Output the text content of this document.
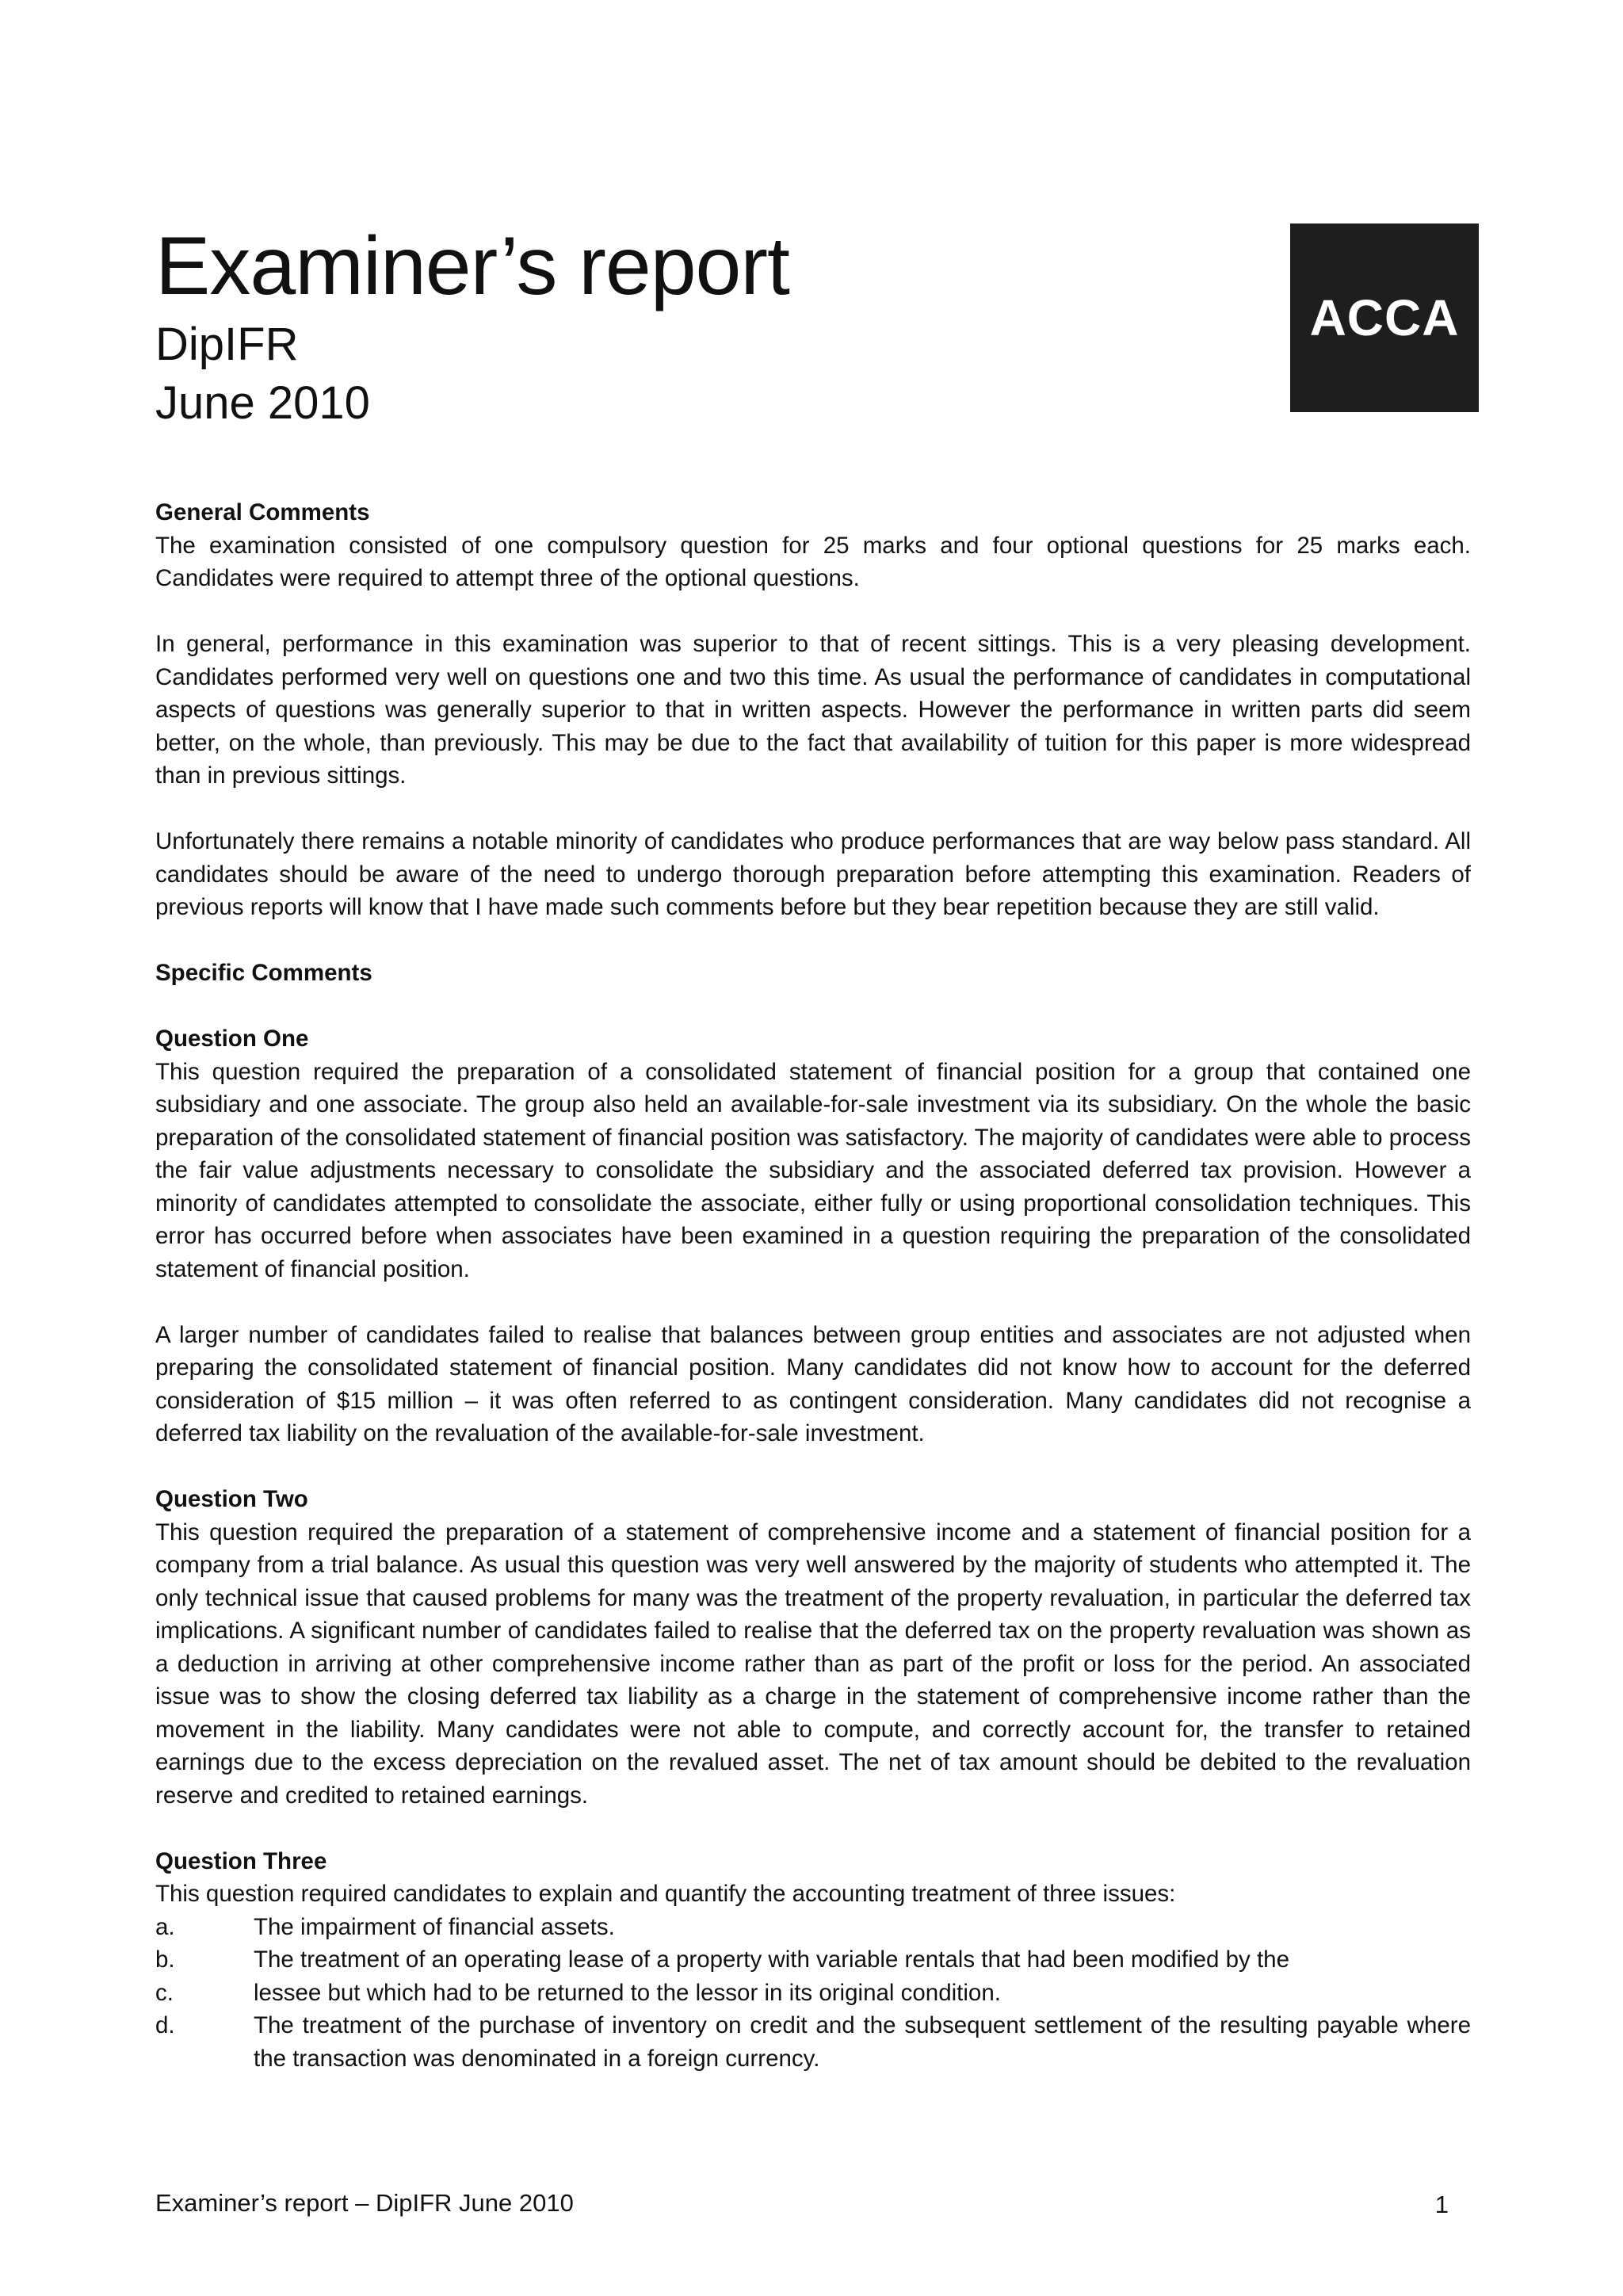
Examiner’s report
DipIFR
June 2010
ACCA
General Comments

The examination consisted of one compulsory question for 25 marks and four optional questions for 25 marks each. Candidates were required to attempt three of the optional questions.

In general, performance in this examination was superior to that of recent sittings. This is a very pleasing development. Candidates performed very well on questions one and two this time. As usual the performance of candidates in computational aspects of questions was generally superior to that in written aspects. However the performance in written parts did seem better, on the whole, than previously. This may be due to the fact that availability of tuition for this paper is more widespread than in previous sittings.

Unfortunately there remains a notable minority of candidates who produce performances that are way below pass standard. All candidates should be aware of the need to undergo thorough preparation before attempting this examination. Readers of previous reports will know that I have made such comments before but they bear repetition because they are still valid.

Specific Comments
Question One

This question required the preparation of a consolidated statement of financial position for a group that contained one subsidiary and one associate. The group also held an available-for-sale investment via its subsidiary. On the whole the basic preparation of the consolidated statement of financial position was satisfactory. The majority of candidates were able to process the fair value adjustments necessary to consolidate the subsidiary and the associated deferred tax provision. However a minority of candidates attempted to consolidate the associate, either fully or using proportional consolidation techniques. This error has occurred before when associates have been examined in a question requiring the preparation of the consolidated statement of financial position.

A larger number of candidates failed to realise that balances between group entities and associates are not adjusted when preparing the consolidated statement of financial position. Many candidates did not know how to account for the deferred consideration of $15 million – it was often referred to as contingent consideration. Many candidates did not recognise a deferred tax liability on the revaluation of the available-for-sale investment.

Question Two

This question required the preparation of a statement of comprehensive income and a statement of financial position for a company from a trial balance. As usual this question was very well answered by the majority of students who attempted it. The only technical issue that caused problems for many was the treatment of the property revaluation, in particular the deferred tax implications. A significant number of candidates failed to realise that the deferred tax on the property revaluation was shown as a deduction in arriving at other comprehensive income rather than as part of the profit or loss for the period. An associated issue was to show the closing deferred tax liability as a charge in the statement of comprehensive income rather than the movement in the liability. Many candidates were not able to compute, and correctly account for, the transfer to retained earnings due to the excess depreciation on the revalued asset. The net of tax amount should be debited to the revaluation reserve and credited to retained earnings.

Question Three
This question required candidates to explain and quantify the accounting treatment of three issues:
a.	The impairment of financial assets.
b.	The treatment of an operating lease of a property with variable rentals that had been modified by the
c.	lessee but which had to be returned to the lessor in its original condition.
d.	The treatment of the purchase of inventory on credit and the subsequent settlement of the resulting payable where the transaction was denominated in a foreign currency.
Examiner’s report – DipIFR June 2010	1
